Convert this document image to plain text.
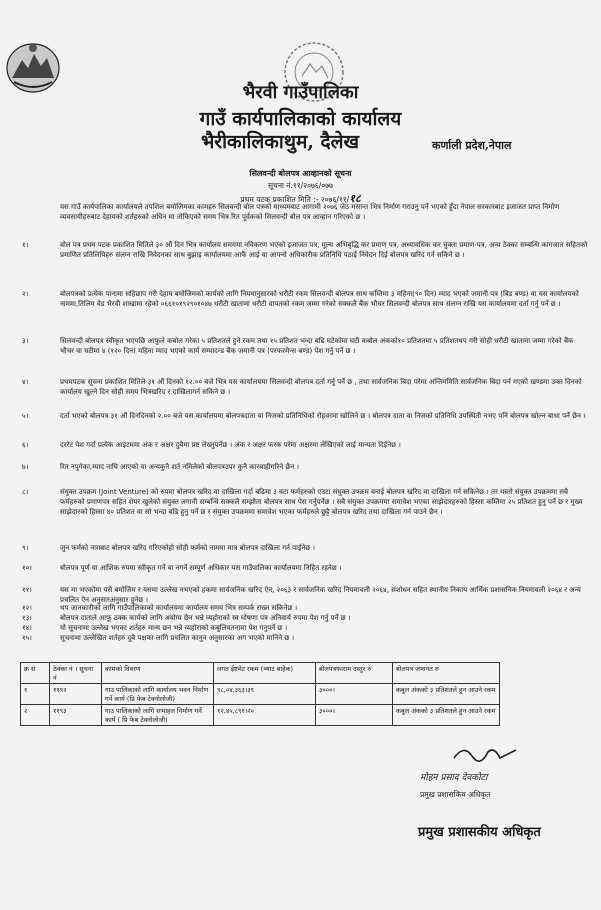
भैरवी गाउँपालिका
गाउँ कार्यपालिकाको कार्यालय
भैरीकालिकाथुम, दैलेख	कर्णाली प्रदेश,नेपाल
सिलवन्दी बोलपत्र आव्हानको सूचना
सूचना नं.११/२०७६/०७७
प्रथम पटक प्रकाशित मिति :- २०७६/११/१८
यस गाउँ कार्यपालिका कार्यालयले तपशिल बमोजिमका कामहरु सिलवन्दी बोल पत्रको माध्यमबाट आगामी २०७६ जेठ मसान्त भित्र निर्माण गराउनु पर्ने भएको हुँदा नेपाल सरकारबाट इजाजत प्राप्त निर्माण व्यवसायीहरुबाट देहायको शर्तहरुको अधिन मा तोकिएको समय भित्र रित पूर्वकको सिलवन्दी बोल पत्र आव्हान गरिएको छ ।
१।	बोल पत्र प्रथम पटक प्रकाशित मितिले ३० औं दिन भित्र कार्यालय समयमा नविकरण भएको इजाजत पत्र, मूल्य अभिबृद्धि कर प्रमाण पत्र, अध्यावधिक कर चुक्ता प्रमाण-पत्र, अन्य ठेक्का सम्बन्धि कागजात सहितको प्रमाणित प्रतिलिपिहरु संलग्न राखि निवेदनका साथ बुझाइ कार्यालयमा आफैं आई वा आफ्नो अधिकारीक प्रतिनिधि पठाई निवेदन दिई बोलपत्र खरिद गर्न सकिने छ ।
२।	बोलपत्रको प्रत्येक पानामा सहिछाप गरी देहाय बमोजिमको कार्यको लागि नियमानुसारको धरौटी रकम सिलवन्दी बोलपत्र साथ कम्तिमा ३ महिना(९० दिन) म्याद भएको जमानी पत्र (बिड बण्ड) वा यस कार्यालयको नाममा,तिलिम वेड भैरवी शाखामा रहेको ०६६१०१९२९०१०४७ धरौटी खातामा धरौटी वापतको रकम जम्मा गरेको सक्कलै बैंक भौचर सिलवन्दी बोलपत्र साथ संलग्न राखि यस कार्यालयमा दर्ता गर्नु पर्ने छ ।
३।	सिलवन्दी बोलपत्र स्वीकृत भएपछि आफुले कबोल गरेका ५ प्रतिशतले हुने रकम तथा १५ प्रतिशत भन्दा बढि घटेकोमा घटी कबोल अंकको१० प्रतिशतमा ५ प्रतिशतथप गरी सोही धरौटी खातामा जम्मा गरेको बैंक भौचर वा घटीमा ४ (१२० दिन) महिना म्याद भएको कार्य सम्पादन्ड बैंक जमानी पत्र (परफरमेन्स बण्ड) पेश गर्नु पर्ने छ ।
४।	प्रथमपटक सूचना प्रकाशित मितिले ३१ औं दिनको १२.०० बजे भित्र यस कार्यालयमा सिलवन्दी बोलपत्र दर्ता गर्नु पर्ने छ , तथा सार्वजनिक बिदा परेमा अन्तिममिति सार्वजनिक बिदा पर्न गएको खण्डमा उक्त दिनको कार्यालय खुल्ने दिन सोही समय भित्रखरिद र दाखिलागर्न सकिने छ ।
५।	दर्ता भएको बोलपत्र ३१ औं दिनदिनको २.०० बजे यस कार्यालयमा बोलपत्रदाता वा निजको प्रतिनिधिको रोहवरमा खोलिने छ । बोलपत्र दाता वा निजको प्रतिनिधि उपस्थिती नभए पनि बोलपत्र खोल्न बाधा पर्ने छैन ।
६।	दररेट पेश गर्दा प्रत्येक आइटममा अंक र अक्षर दुबैमा प्रष्ट लेख्नुपर्नेछ । अंक र अक्षर फरक परेमा अक्षरमा लेखिएको लाई मान्यता दिईनेछ ।
७।	रित नपुगेका,म्याद नाघि आएको वा अन्यकुनै शर्त नमिलेको बोलपत्रउपर कुनै कारबाहीगरिने छैन ।
८।	संयुक्त उपक्रम (Joint Venture) को रुपमा बोलपत्र खरिद वा दाखिला गर्दा बढिमा ३ वटा फर्महरुको एउटा संयुक्त उपक्रम बनाई बोलपत्र खरिद वा दाखिला गर्न सकिनेछ । तर यस्तो संयुक्त उपक्रममा सबै फर्महरुको प्रमाणपत्र सहित शेयर खुलेको संयुक्त लगानी सम्बन्धि सक्कलै सम्झौता बोलपत्र साथ पेस गर्नुपर्नेछ । सबै संयुक्त उपक्रममा समावेश भएका साझेदारहरुको हिस्सा कम्तिमा २५ प्रतिशत हुनु पर्ने छ र मुख्य साझेदारको हिस्सा ४० प्रतिशत वा सो भन्दा बढि हुनु पर्ने छ र संयुक्त उपक्रममा समावेश भएका फर्महरुले छुट्टै बोलपत्र खरिद तथा दाखिला गर्न पाउने छैन ।
९।	जुन फर्मको नामबाट बोलपत्र खरिद गरिएकोहो सोही फर्मको नाममा मात्र बोलपत्र दाखिला गर्न पाईनेछ ।
१०।	बोलपत्र पूर्ण वा आंशिक रुपमा स्वीकृत गर्ने वा नगर्ने सम्पूर्ण अधिकार यस गाउँपालिका कार्यालयमा निहित रहनेछ ।
११।	यस मा भएकोमा यसै बमोजिम र यसमा उल्लेख नभएको हकमा सार्वजनिक खरिद ऐन, २०६३ र सार्वजनिक खरिद नियमावली २०६४, संशोधन सहित स्थानीय निकाय आर्थिक प्रशासनिक नियमावली २०६४ र अन्य प्रचलित ऐन अनुसारअनुसार हुनेछ ।
१२।	थप जानकारीको लागि गाउँपालिकाको कार्यालयमा कार्यालय समय भित्र सम्पर्क राख्न सकिनेछ ।
१३।	बोलपत्र दाताले आफू ठक्क कार्यको लागि अयोग्य छैन भन्ने व्यहोराको स्व घोषणा पत्र अनिवार्य रुपमा पेश गर्नु पर्ने छ ।
१४।	यो सूचनामा उल्लेख भएका शर्तहरु मान्य छन भन्ने व्यहोराको कबुलियतनामा पेश गनुपर्ने छ ।
१५।	सूचनामा उल्लेखित शर्तहरु दुबै पक्षका लागि प्रचलित कानुन अनुसारका अग भएको मानिने छ ।
क्र सं	ठेक्का नं । सूचना नं	कामको विवरण	लगत ईष्टमेट रकम (भ्याट बाहेक)	बोलपत्रफाराम दस्तुर रु	बोलपत्र जमानत रु
१	११९२	गाउ पालिकाको लागि कार्यालय भवन निर्माण गर्ने कार्य (प्रि फेब टेक्नोलोजी)	९८,०४,३६३।३९	३०००।	कबुल अंकको ३ प्रतिशतले हुन आउने रकम
२	११९३	गाउ पालिकाको लागि सभाहल निर्माण गर्ने कार्य ( प्रि फेब टेक्नोलोजी)	१२,४५,८९१।२०	३०००।	कबुल अंकको ३ प्रतिशतले हुन आउने रकम
मोहन प्रसाद देवकोटा
प्रमुख प्रशासकिय अधिकृत
प्रमुख प्रशासकीय अधिकृत
